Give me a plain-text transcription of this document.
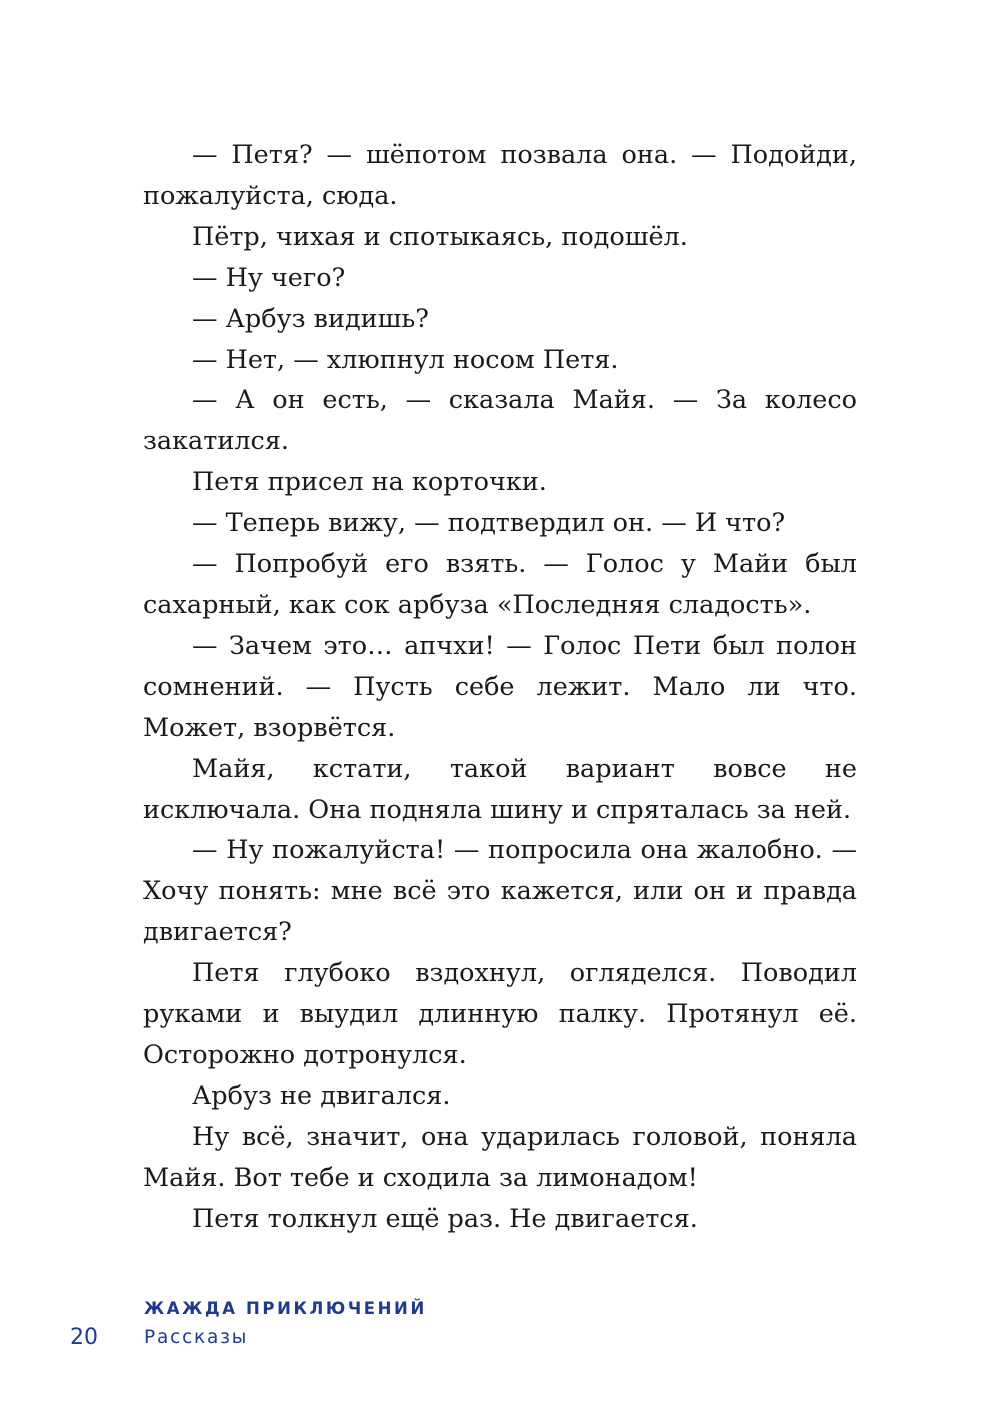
— Петя? — шёпотом позвала она. — Подойди, пожалуйста, сюда.

Пётр, чихая и спотыкаясь, подошёл.

— Ну чего?

— Арбуз видишь?

— Нет, — хлюпнул носом Петя.

— А он есть, — сказала Майя. — За колесо закатился.

Петя присел на корточки.

— Теперь вижу, — подтвердил он. — И что?

— Попробуй его взять. — Голос у Майи был сахарный, как сок арбуза «Последняя сладость».

— Зачем это… апчхи! — Голос Пети был полон сомнений. — Пусть себе лежит. Мало ли что. Может, взорвётся.

Майя, кстати, такой вариант вовсе не исключала. Она подняла шину и спряталась за ней.

— Ну пожалуйста! — попросила она жалобно. — Хочу понять: мне всё это кажется, или он и правда двигается?

Петя глубоко вздохнул, огляделся. Поводил руками и выудил длинную палку. Протянул её. Осторожно дотронулся.

Арбуз не двигался.

Ну всё, значит, она ударилась головой, поняла Майя. Вот тебе и сходила за лимонадом!

Петя толкнул ещё раз. Не двигается.

ЖАЖДА ПРИКЛЮЧЕНИЙ
20 Рассказы
